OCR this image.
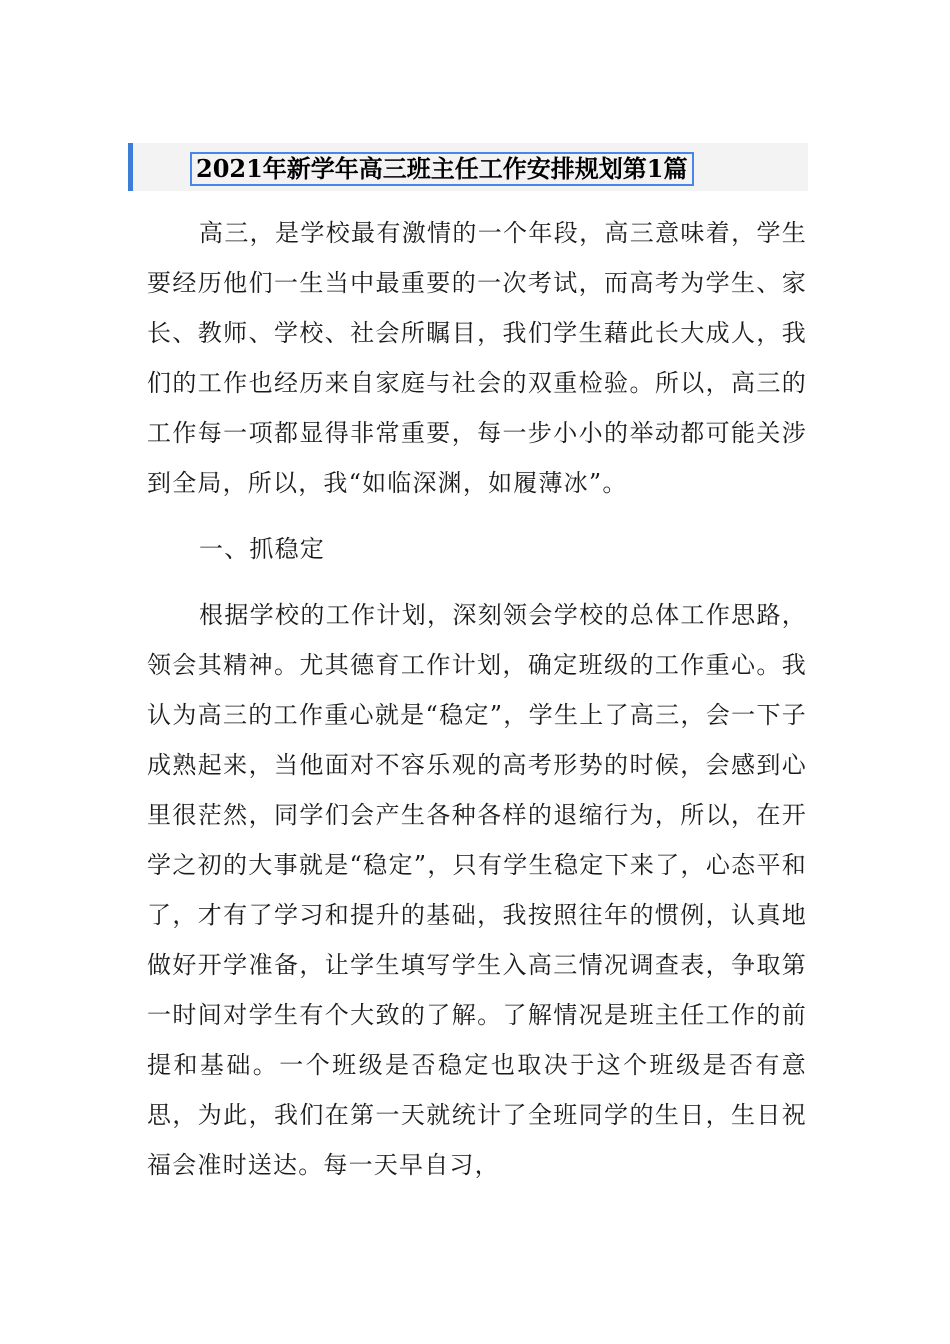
2021年新学年高三班主任工作安排规划第1篇

高三，是学校最有激情的一个年段，高三意味着，学生要经历他们一生当中最重要的一次考试，而高考为学生、家长、教师、学校、社会所瞩目，我们学生藉此长大成人，我们的工作也经历来自家庭与社会的双重检验。所以，高三的工作每一项都显得非常重要，每一步小小的举动都可能关涉到全局，所以，我“如临深渊，如履薄冰”。

一、抓稳定

根据学校的工作计划，深刻领会学校的总体工作思路，领会其精神。尤其德育工作计划，确定班级的工作重心。我认为高三的工作重心就是“稳定”，学生上了高三，会一下子成熟起来，当他面对不容乐观的高考形势的时候，会感到心里很茫然，同学们会产生各种各样的退缩行为，所以，在开学之初的大事就是“稳定”，只有学生稳定下来了，心态平和了，才有了学习和提升的基础，我按照往年的惯例，认真地做好开学准备，让学生填写学生入高三情况调查表，争取第一时间对学生有个大致的了解。了解情况是班主任工作的前提和基础。一个班级是否稳定也取决于这个班级是否有意思，为此，我们在第一天就统计了全班同学的生日，生日祝福会准时送达。每一天早自习，
